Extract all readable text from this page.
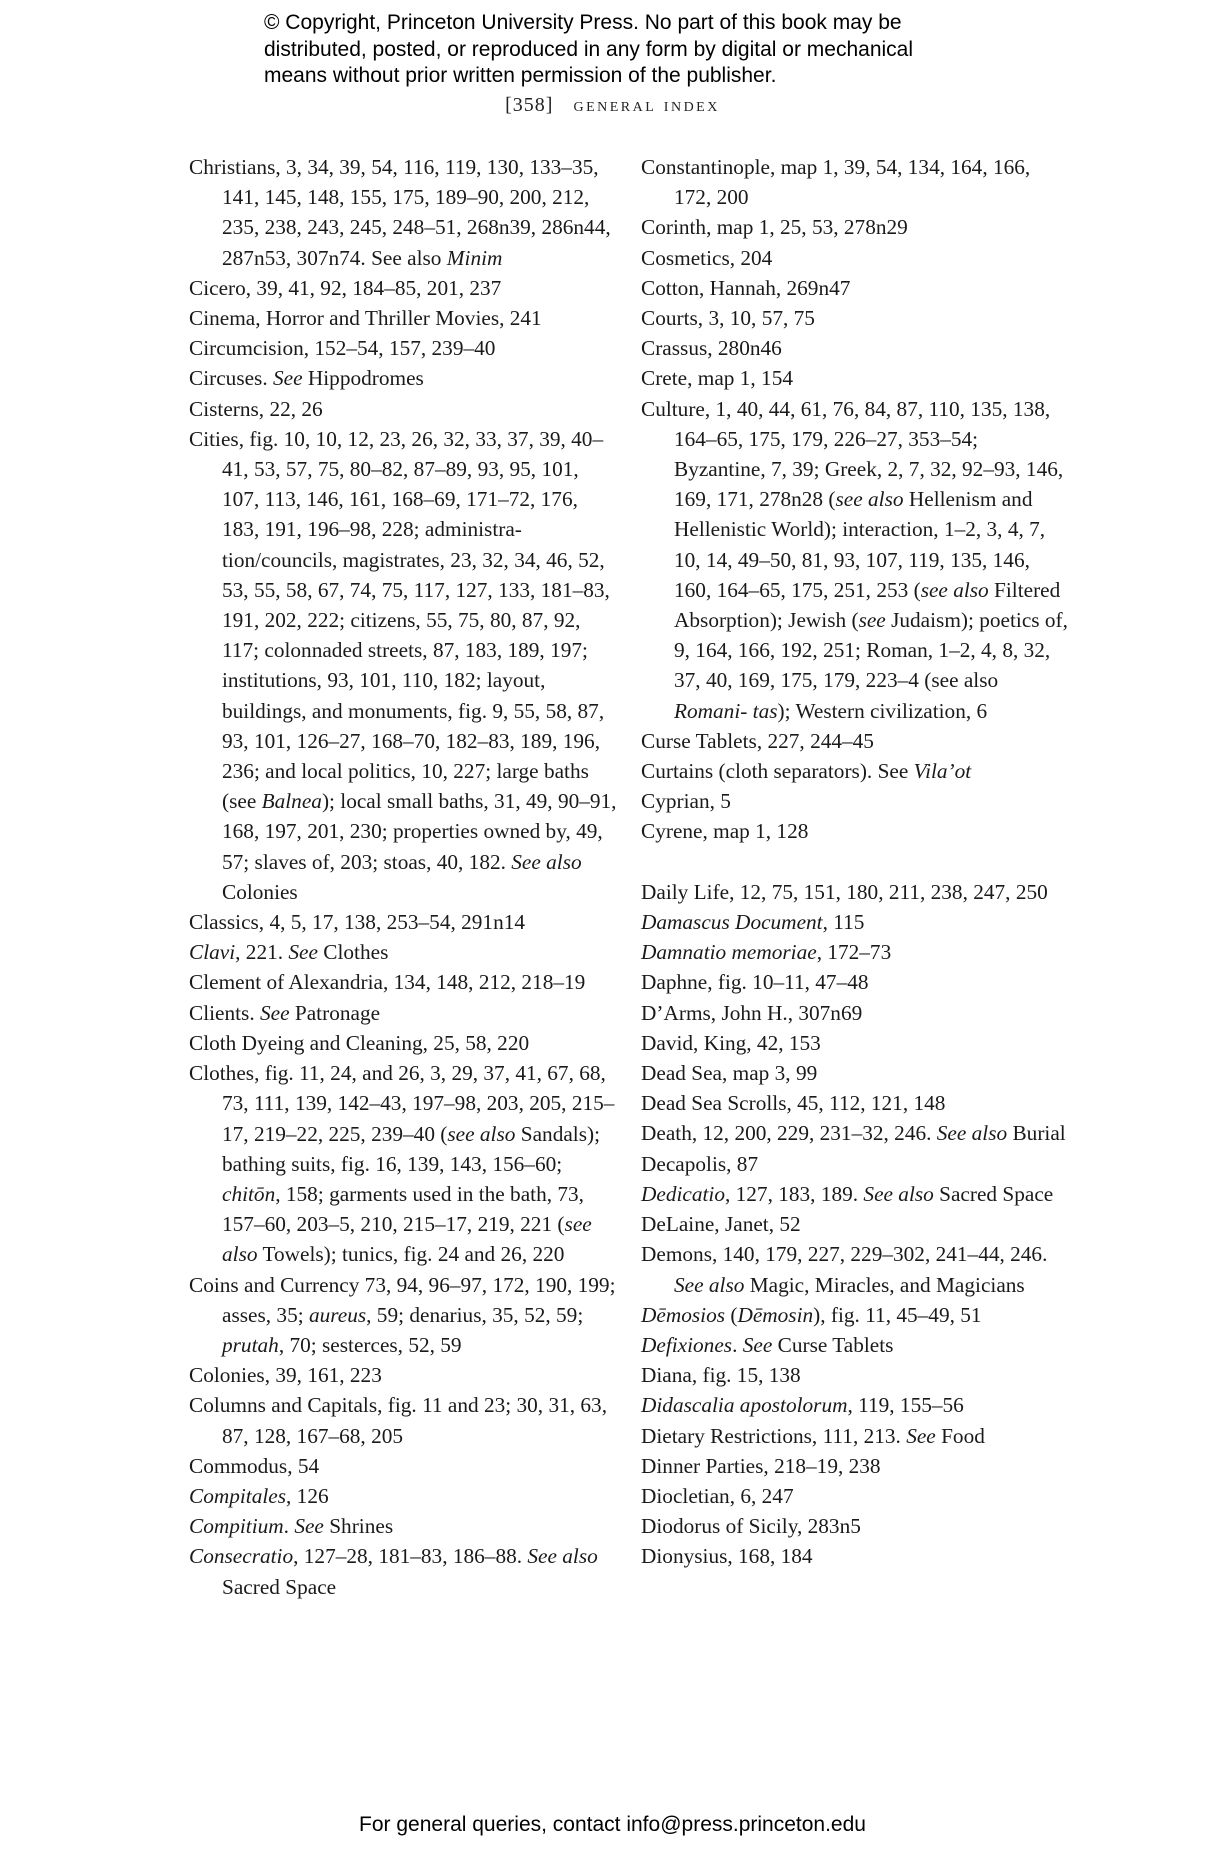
© Copyright, Princeton University Press. No part of this book may be
distributed, posted, or reproduced in any form by digital or mechanical
means without prior written permission of the publisher.
[358] general index

Christians, 3, 34, 39, 54, 116, 119, 130, 133–35, 141, 145, 148, 155, 175, 189–90, 200, 212, 235, 238, 243, 245, 248–51, 268n39, 286n44, 287n53, 307n74. See also Minim

Cicero, 39, 41, 92, 184–85, 201, 237

Cinema, Horror and Thriller Movies, 241

Circumcision, 152–54, 157, 239–40

Circuses. See Hippodromes

Cisterns, 22, 26

Cities, fig. 10, 10, 12, 23, 26, 32, 33, 37, 39, 40–41, 53, 57, 75, 80–82, 87–89, 93, 95, 101, 107, 113, 146, 161, 168–69, 171–72, 176, 183, 191, 196–98, 228; administra- tion/councils, magistrates, 23, 32, 34, 46, 52, 53, 55, 58, 67, 74, 75, 117, 127, 133, 181–83, 191, 202, 222; citizens, 55, 75, 80, 87, 92, 117; colonnaded streets, 87, 183, 189, 197; institutions, 93, 101, 110, 182; layout, buildings, and monuments, fig. 9, 55, 58, 87, 93, 101, 126–27, 168–70, 182–83, 189, 196, 236; and local politics, 10, 227; large baths (see Balnea); local small baths, 31, 49, 90–91, 168, 197, 201, 230; properties owned by, 49, 57; slaves of, 203; stoas, 40, 182. See also Colonies

Classics, 4, 5, 17, 138, 253–54, 291n14

Clavi, 221. See Clothes

Clement of Alexandria, 134, 148, 212, 218–19

Clients. See Patronage

Cloth Dyeing and Cleaning, 25, 58, 220

Clothes, fig. 11, 24, and 26, 3, 29, 37, 41, 67, 68, 73, 111, 139, 142–43, 197–98, 203, 205, 215–17, 219–22, 225, 239–40 (see also Sandals); bathing suits, fig. 16, 139, 143, 156–60; chitōn, 158; garments used in the bath, 73, 157–60, 203–5, 210, 215–17, 219, 221 (see also Towels); tunics, fig. 24 and 26, 220

Coins and Currency 73, 94, 96–97, 172, 190, 199; asses, 35; aureus, 59; denarius, 35, 52, 59; prutah, 70; sesterces, 52, 59

Colonies, 39, 161, 223

Columns and Capitals, fig. 11 and 23; 30, 31, 63, 87, 128, 167–68, 205

Commodus, 54

Compitales, 126

Compitium. See Shrines

Consecratio, 127–28, 181–83, 186–88. See also Sacred Space

Constantinople, map 1, 39, 54, 134, 164, 166, 172, 200

Corinth, map 1, 25, 53, 278n29

Cosmetics, 204

Cotton, Hannah, 269n47

Courts, 3, 10, 57, 75

Crassus, 280n46

Crete, map 1, 154

Culture, 1, 40, 44, 61, 76, 84, 87, 110, 135, 138, 164–65, 175, 179, 226–27, 353–54; Byzantine, 7, 39; Greek, 2, 7, 32, 92–93, 146, 169, 171, 278n28 (see also Hellenism and Hellenistic World); interaction, 1–2, 3, 4, 7, 10, 14, 49–50, 81, 93, 107, 119, 135, 146, 160, 164–65, 175, 251, 253 (see also Filtered Absorption); Jewish (see Judaism); poetics of, 9, 164, 166, 192, 251; Roman, 1–2, 4, 8, 32, 37, 40, 169, 175, 179, 223–4 (see also Romani- tas); Western civilization, 6

Curse Tablets, 227, 244–45

Curtains (cloth separators). See Vila’ot

Cyprian, 5

Cyrene, map 1, 128

Daily Life, 12, 75, 151, 180, 211, 238, 247, 250

Damascus Document, 115

Damnatio memoriae, 172–73

Daphne, fig. 10–11, 47–48

D’Arms, John H., 307n69

David, King, 42, 153

Dead Sea, map 3, 99

Dead Sea Scrolls, 45, 112, 121, 148

Death, 12, 200, 229, 231–32, 246. See also Burial

Decapolis, 87

Dedicatio, 127, 183, 189. See also Sacred Space

DeLaine, Janet, 52

Demons, 140, 179, 227, 229–302, 241–44, 246. See also Magic, Miracles, and Magicians

Dēmosios (Dēmosin), fig. 11, 45–49, 51

Defixiones. See Curse Tablets

Diana, fig. 15, 138

Didascalia apostolorum, 119, 155–56

Dietary Restrictions, 111, 213. See Food

Dinner Parties, 218–19, 238

Diocletian, 6, 247

Diodorus of Sicily, 283n5

Dionysius, 168, 184

For general queries, contact info@press.princeton.edu
